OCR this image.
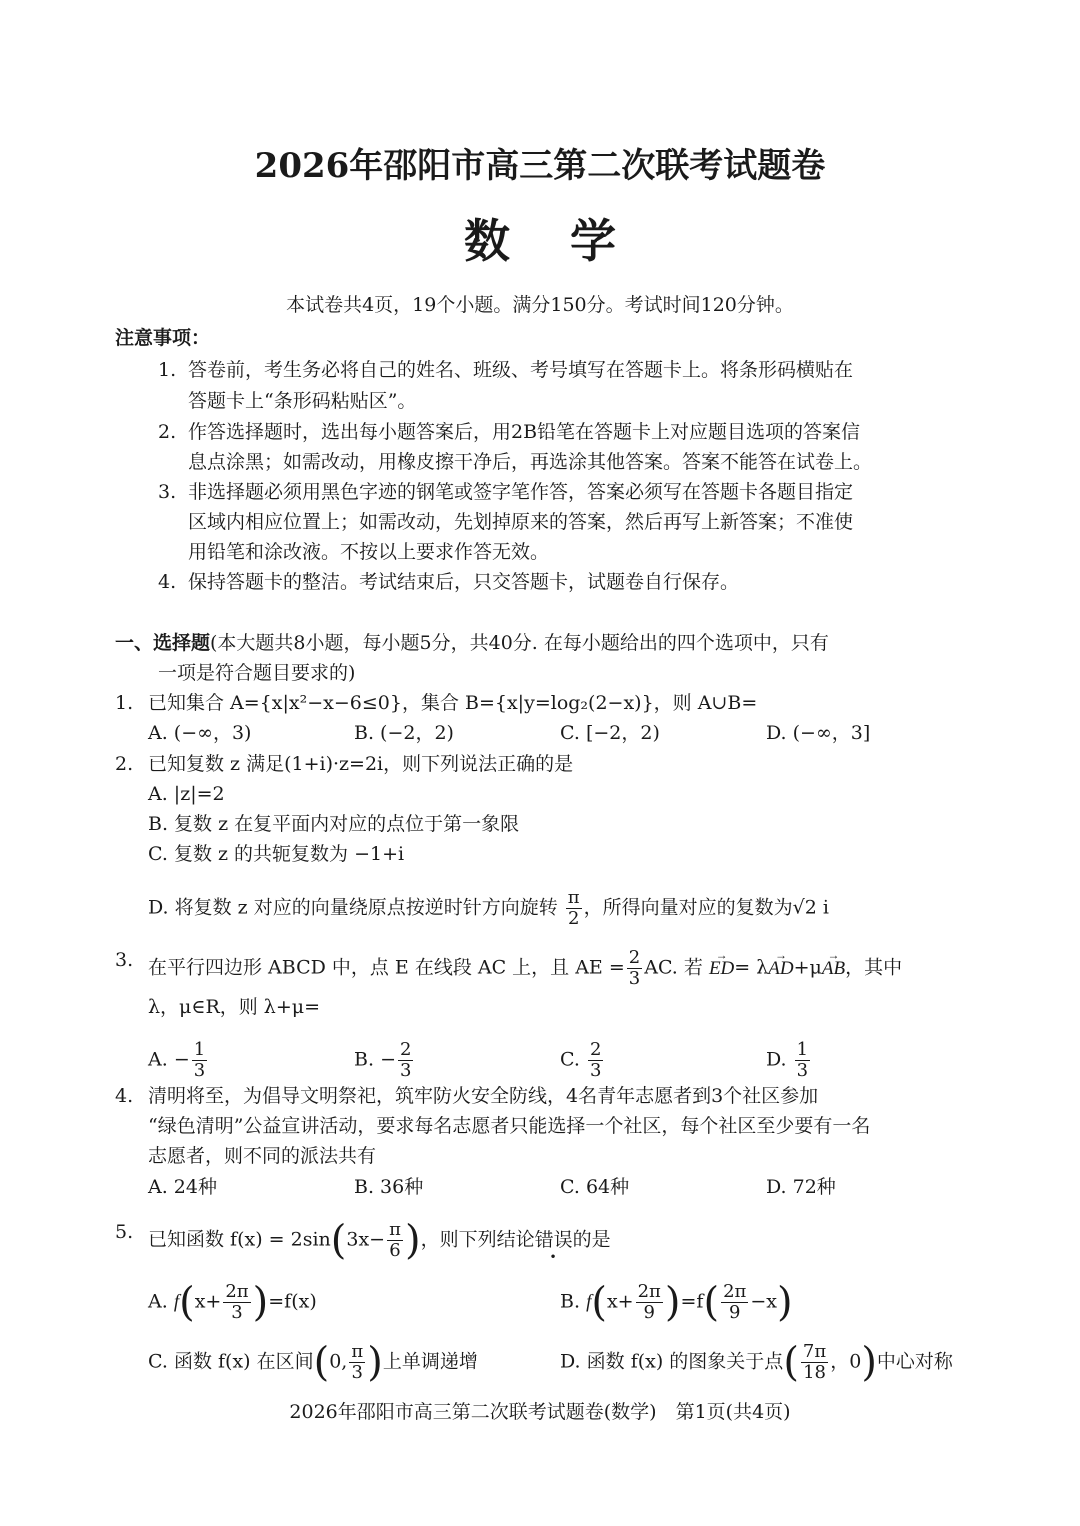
2026年邵阳市高三第二次联考试题卷
数学
本试卷共4页，19个小题。满分150分。考试时间120分钟。
注意事项：
1. 答卷前，考生务必将自己的姓名、班级、考号填写在答题卡上。将条形码横贴在
答题卡上“条形码粘贴区”。
2. 作答选择题时，选出每小题答案后，用2B铅笔在答题卡上对应题目选项的答案信
息点涂黑；如需改动，用橡皮擦干净后，再选涂其他答案。答案不能答在试卷上。
3. 非选择题必须用黑色字迹的钢笔或签字笔作答，答案必须写在答题卡各题目指定
区域内相应位置上；如需改动，先划掉原来的答案，然后再写上新答案；不准使
用铅笔和涂改液。不按以上要求作答无效。
4. 保持答题卡的整洁。考试结束后，只交答题卡，试题卷自行保存。
一、选择题(本大题共8小题，每小题5分，共40分. 在每小题给出的四个选项中，只有
一项是符合题目要求的)
1. 已知集合 A={x|x²−x−6≤0}，集合 B={x|y=log₂(2−x)}，则 A∪B=
A. (−∞，3)	B. (−2，2)	C. [−2，2)	D. (−∞，3]
2. 已知复数 z 满足(1+i)·z=2i，则下列说法正确的是
A. |z|=2
B. 复数 z 在复平面内对应的点位于第一象限
C. 复数 z 的共轭复数为 −1+i
D. 将复数 z 对应的向量绕原点按逆时针方向旋转 $\frac{\pi}{2}$ ，所得向量对应的复数为√2 i
3. 在平行四边形 ABCD 中，点 E 在线段 AC 上，且 AE = $\frac{2}{3}$ AC. 若 → ED= λ→ AD+μ→ AB，其中
λ，μ∈R，则 λ+μ=
A. − $\frac{1}{3}$	B. − $\frac{2}{3}$	C. $\frac{2}{3}$	D. $\frac{1}{3}$
4. 清明将至，为倡导文明祭祀，筑牢防火安全防线，4名青年志愿者到3个社区参加
“绿色清明”公益宣讲活动，要求每名志愿者只能选择一个社区，每个社区至少要有一名
志愿者，则不同的派法共有
A. 24种	B. 36种	C. 64种	D. 72种
5. 已知函数 $f(x) = 2\sin(3x- \frac{\pi}{6}$ )，则下列结论错误的是
A. $f(x+ \frac{2\pi}{3} )=f(x)$	B. $f(x+ \frac{2\pi}{9} )=f( \frac{2\pi}{9} -x)$
C. 函数 f(x) 在区间(0, $\frac{\pi}{3}$ )上单调递增	D. 函数 f(x) 的图象关于点( $\frac{7\pi}{18}$ ，0)中心对称
2026年邵阳市高三第二次联考试题卷(数学)　第1页(共4页)
